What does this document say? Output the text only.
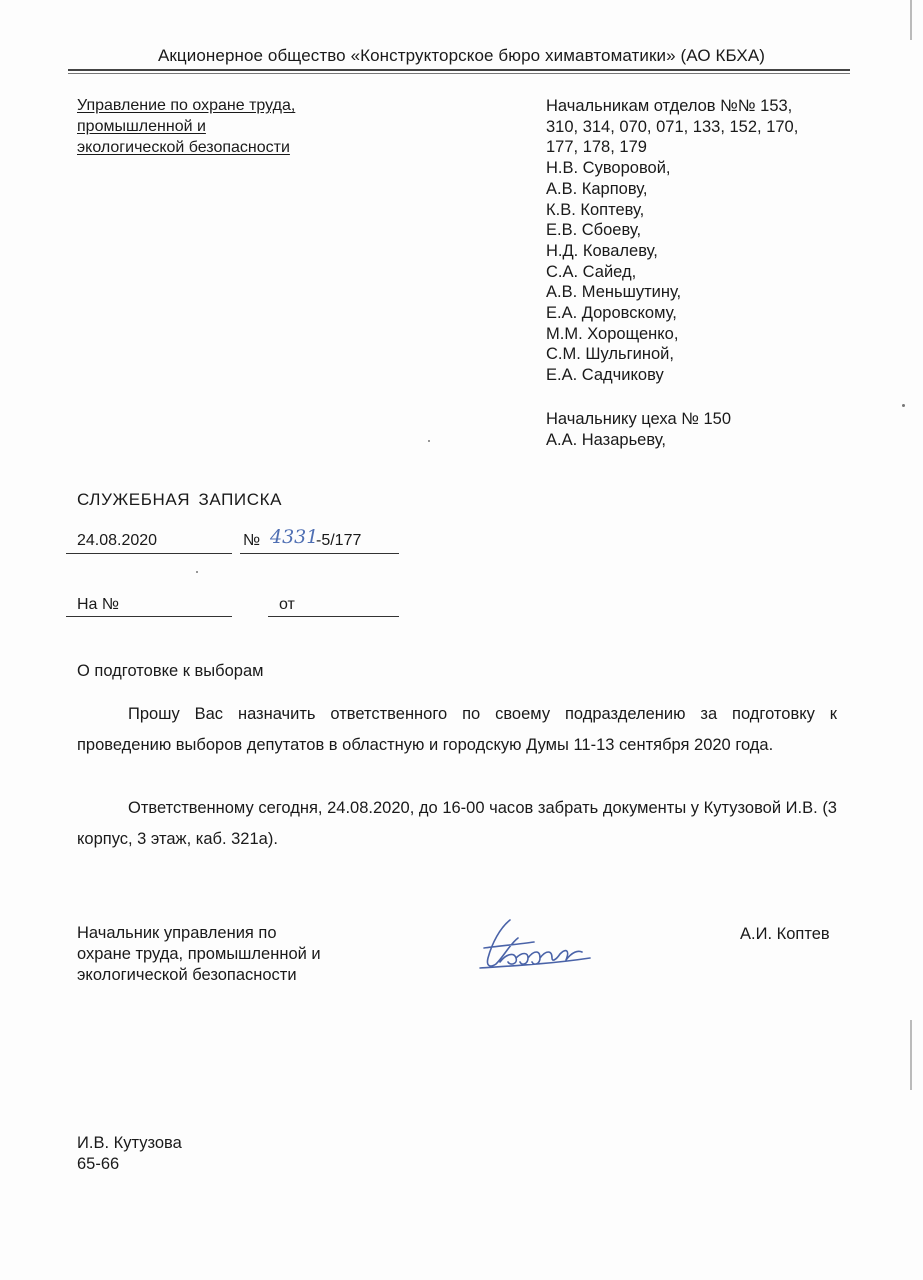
Акционерное общество «Конструкторское бюро химавтоматики» (АО КБХА)
Управление по охране труда,
промышленной и
экологической безопасности
Начальникам отделов №№ 153,
310, 314, 070, 071, 133, 152, 170,
177, 178, 179
Н.В. Суворовой,
А.В. Карпову,
К.В. Коптеву,
Е.В. Сбоеву,
Н.Д. Ковалеву,
С.А. Сайед,
А.В. Меньшутину,
Е.А. Доровскому,
М.М. Хорощенко,
С.М. Шульгиной,
Е.А. Садчикову
Начальнику цеха № 150
А.А. Назарьеву,
СЛУЖЕБНАЯ ЗАПИСКА
24.08.2020	№ 4331
-5/177
На №	от
О подготовке к выборам

Прошу Вас назначить ответственного по своему подразделению за подготовку к проведению выборов депутатов в областную и городскую Думы 11-13 сентября 2020 года.

Ответственному сегодня, 24.08.2020, до 16-00 часов забрать документы у Кутузовой И.В. (3 корпус, 3 этаж, каб. 321а).

Начальник управления по
охране труда, промышленной и
экологической безопасности
А.И. Коптев
И.В. Кутузова
65-66
